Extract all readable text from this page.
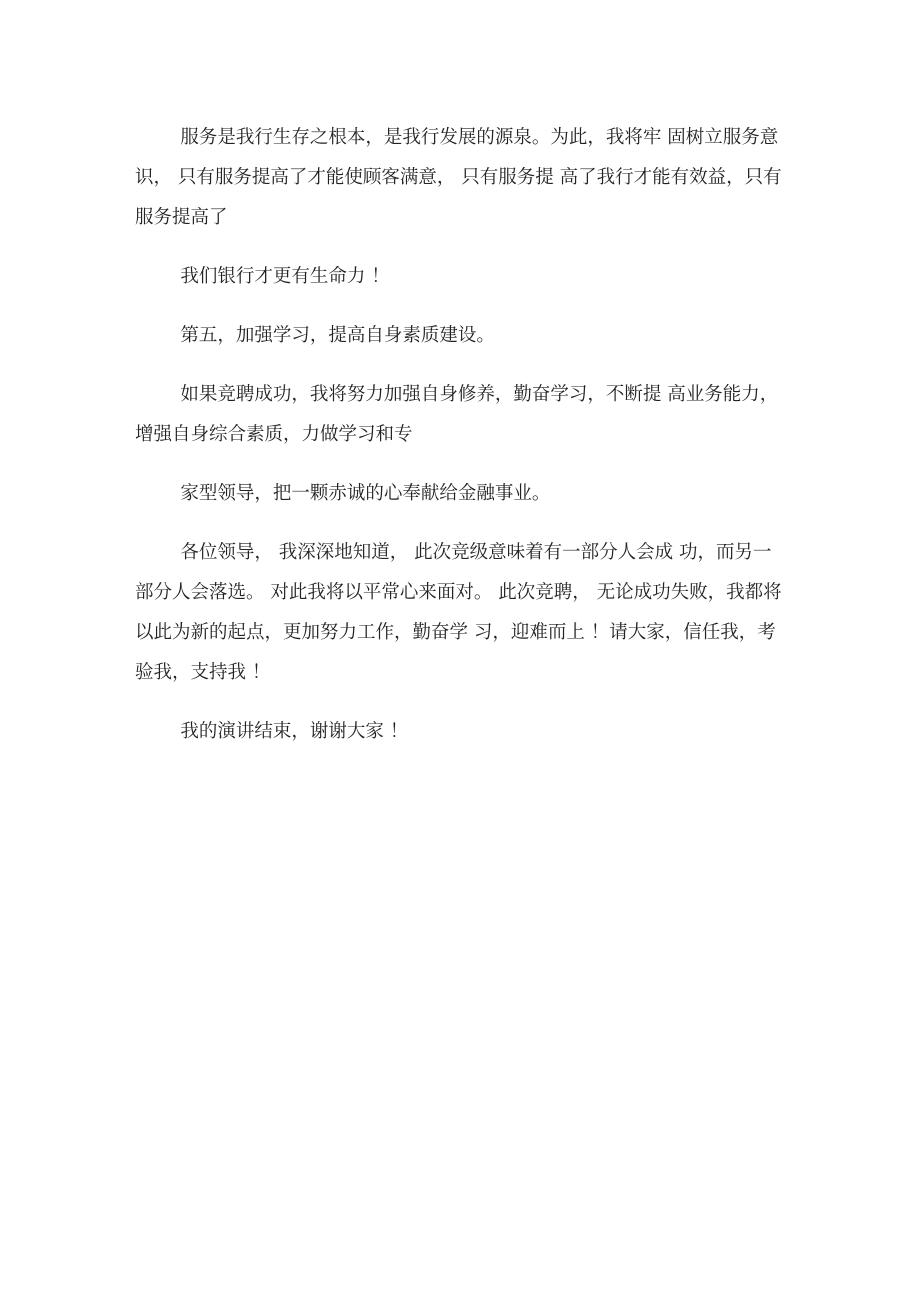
服务是我行生存之根本，是我行发展的源泉。为此，我将牢 固树立服务意识， 只有服务提高了才能使顾客满意， 只有服务提 高了我行才能有效益，只有服务提高了

我们银行才更有生命力 ！

第五，加强学习，提高自身素质建设。

如果竞聘成功，我将努力加强自身修养，勤奋学习，不断提 高业务能力，增强自身综合素质，力做学习和专

家型领导，把一颗赤诚的心奉献给金融事业。

各位领导， 我深深地知道， 此次竞级意味着有一部分人会成 功，而另一部分人会落选。 对此我将以平常心来面对。 此次竞聘， 无论成功失败，我都将以此为新的起点，更加努力工作，勤奋学 习，迎难而上 ！请大家，信任我，考验我，支持我 ！

我的演讲结束，谢谢大家 ！
